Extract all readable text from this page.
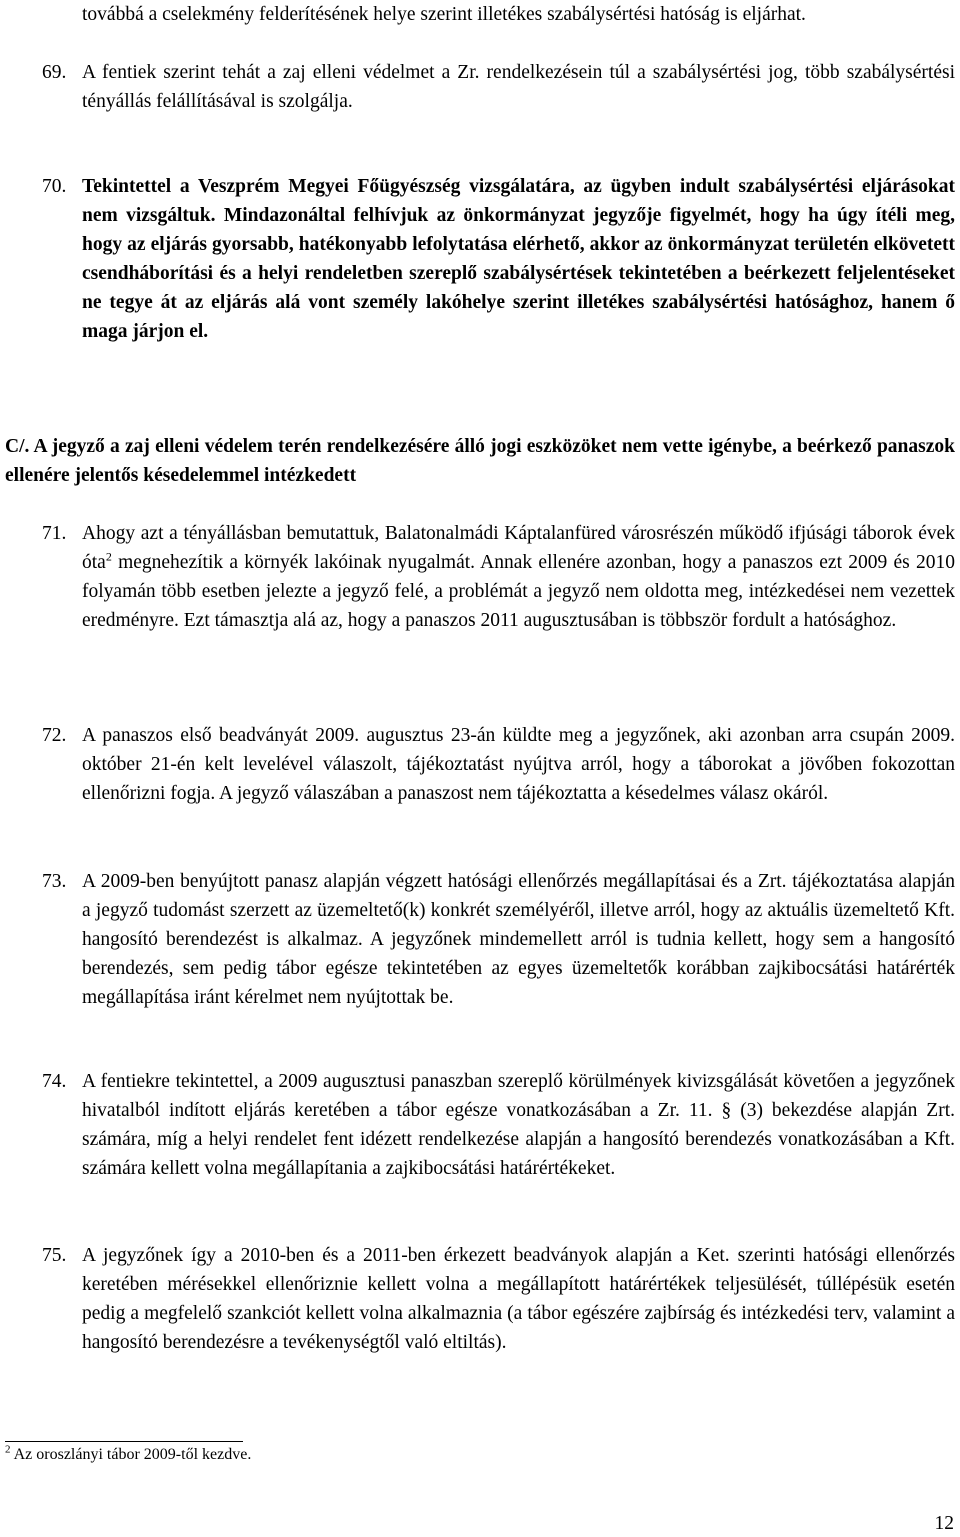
továbbá a cselekmény felderítésének helye szerint illetékes szabálysértési hatóság is eljárhat.

69. A fentiek szerint tehát a zaj elleni védelmet a Zr. rendelkezésein túl a szabálysértési jog, több szabálysértési tényállás felállításával is szolgálja.

70. Tekintettel a Veszprém Megyei Főügyészség vizsgálatára, az ügyben indult szabálysértési eljárásokat nem vizsgáltuk. Mindazonáltal felhívjuk az önkormányzat jegyzője figyelmét, hogy ha úgy ítéli meg, hogy az eljárás gyorsabb, hatékonyabb lefolytatása elérhető, akkor az önkormányzat területén elkövetett csendháborítási és a helyi rendeletben szereplő szabálysértések tekintetében a beérkezett feljelentéseket ne tegye át az eljárás alá vont személy lakóhelye szerint illetékes szabálysértési hatósághoz, hanem ő maga járjon el.

C/. A jegyző a zaj elleni védelem terén rendelkezésére álló jogi eszközöket nem vette igénybe, a beérkező panaszok ellenére jelentős késedelemmel intézkedett

71. Ahogy azt a tényállásban bemutattuk, Balatonalmádi Káptalanfüred városrészén működő ifjúsági táborok évek óta$^2$ megnehezítik a környék lakóinak nyugalmát. Annak ellenére azonban, hogy a panaszos ezt 2009 és 2010 folyamán több esetben jelezte a jegyző felé, a problémát a jegyző nem oldotta meg, intézkedései nem vezettek eredményre. Ezt támasztja alá az, hogy a panaszos 2011 augusztusában is többször fordult a hatósághoz.

72. A panaszos első beadványát 2009. augusztus 23-án küldte meg a jegyzőnek, aki azonban arra csupán 2009. október 21-én kelt levelével válaszolt, tájékoztatást nyújtva arról, hogy a táborokat a jövőben fokozottan ellenőrizni fogja. A jegyző válaszában a panaszost nem tájékoztatta a késedelmes válasz okáról.

73. A 2009-ben benyújtott panasz alapján végzett hatósági ellenőrzés megállapításai és a Zrt. tájékoztatása alapján a jegyző tudomást szerzett az üzemeltető(k) konkrét személyéről, illetve arról, hogy az aktuális üzemeltető Kft. hangosító berendezést is alkalmaz. A jegyzőnek mindemellett arról is tudnia kellett, hogy sem a hangosító berendezés, sem pedig tábor egésze tekintetében az egyes üzemeltetők korábban zajkibocsátási határérték megállapítása iránt kérelmet nem nyújtottak be.

74. A fentiekre tekintettel, a 2009 augusztusi panaszban szereplő körülmények kivizsgálását követően a jegyzőnek hivatalból indított eljárás keretében a tábor egésze vonatkozásában a Zr. 11. § (3) bekezdése alapján Zrt. számára, míg a helyi rendelet fent idézett rendelkezése alapján a hangosító berendezés vonatkozásában a Kft. számára kellett volna megállapítania a zajkibocsátási határértékeket.

75. A jegyzőnek így a 2010-ben és a 2011-ben érkezett beadványok alapján a Ket. szerinti hatósági ellenőrzés keretében mérésekkel ellenőriznie kellett volna a megállapított határértékek teljesülését, túllépésük esetén pedig a megfelelő szankciót kellett volna alkalmaznia (a tábor egészére zajbírság és intézkedési terv, valamint a hangosító berendezésre a tevékenységtől való eltiltás).

$^2$ Az oroszlányi tábor 2009-től kezdve.
12
